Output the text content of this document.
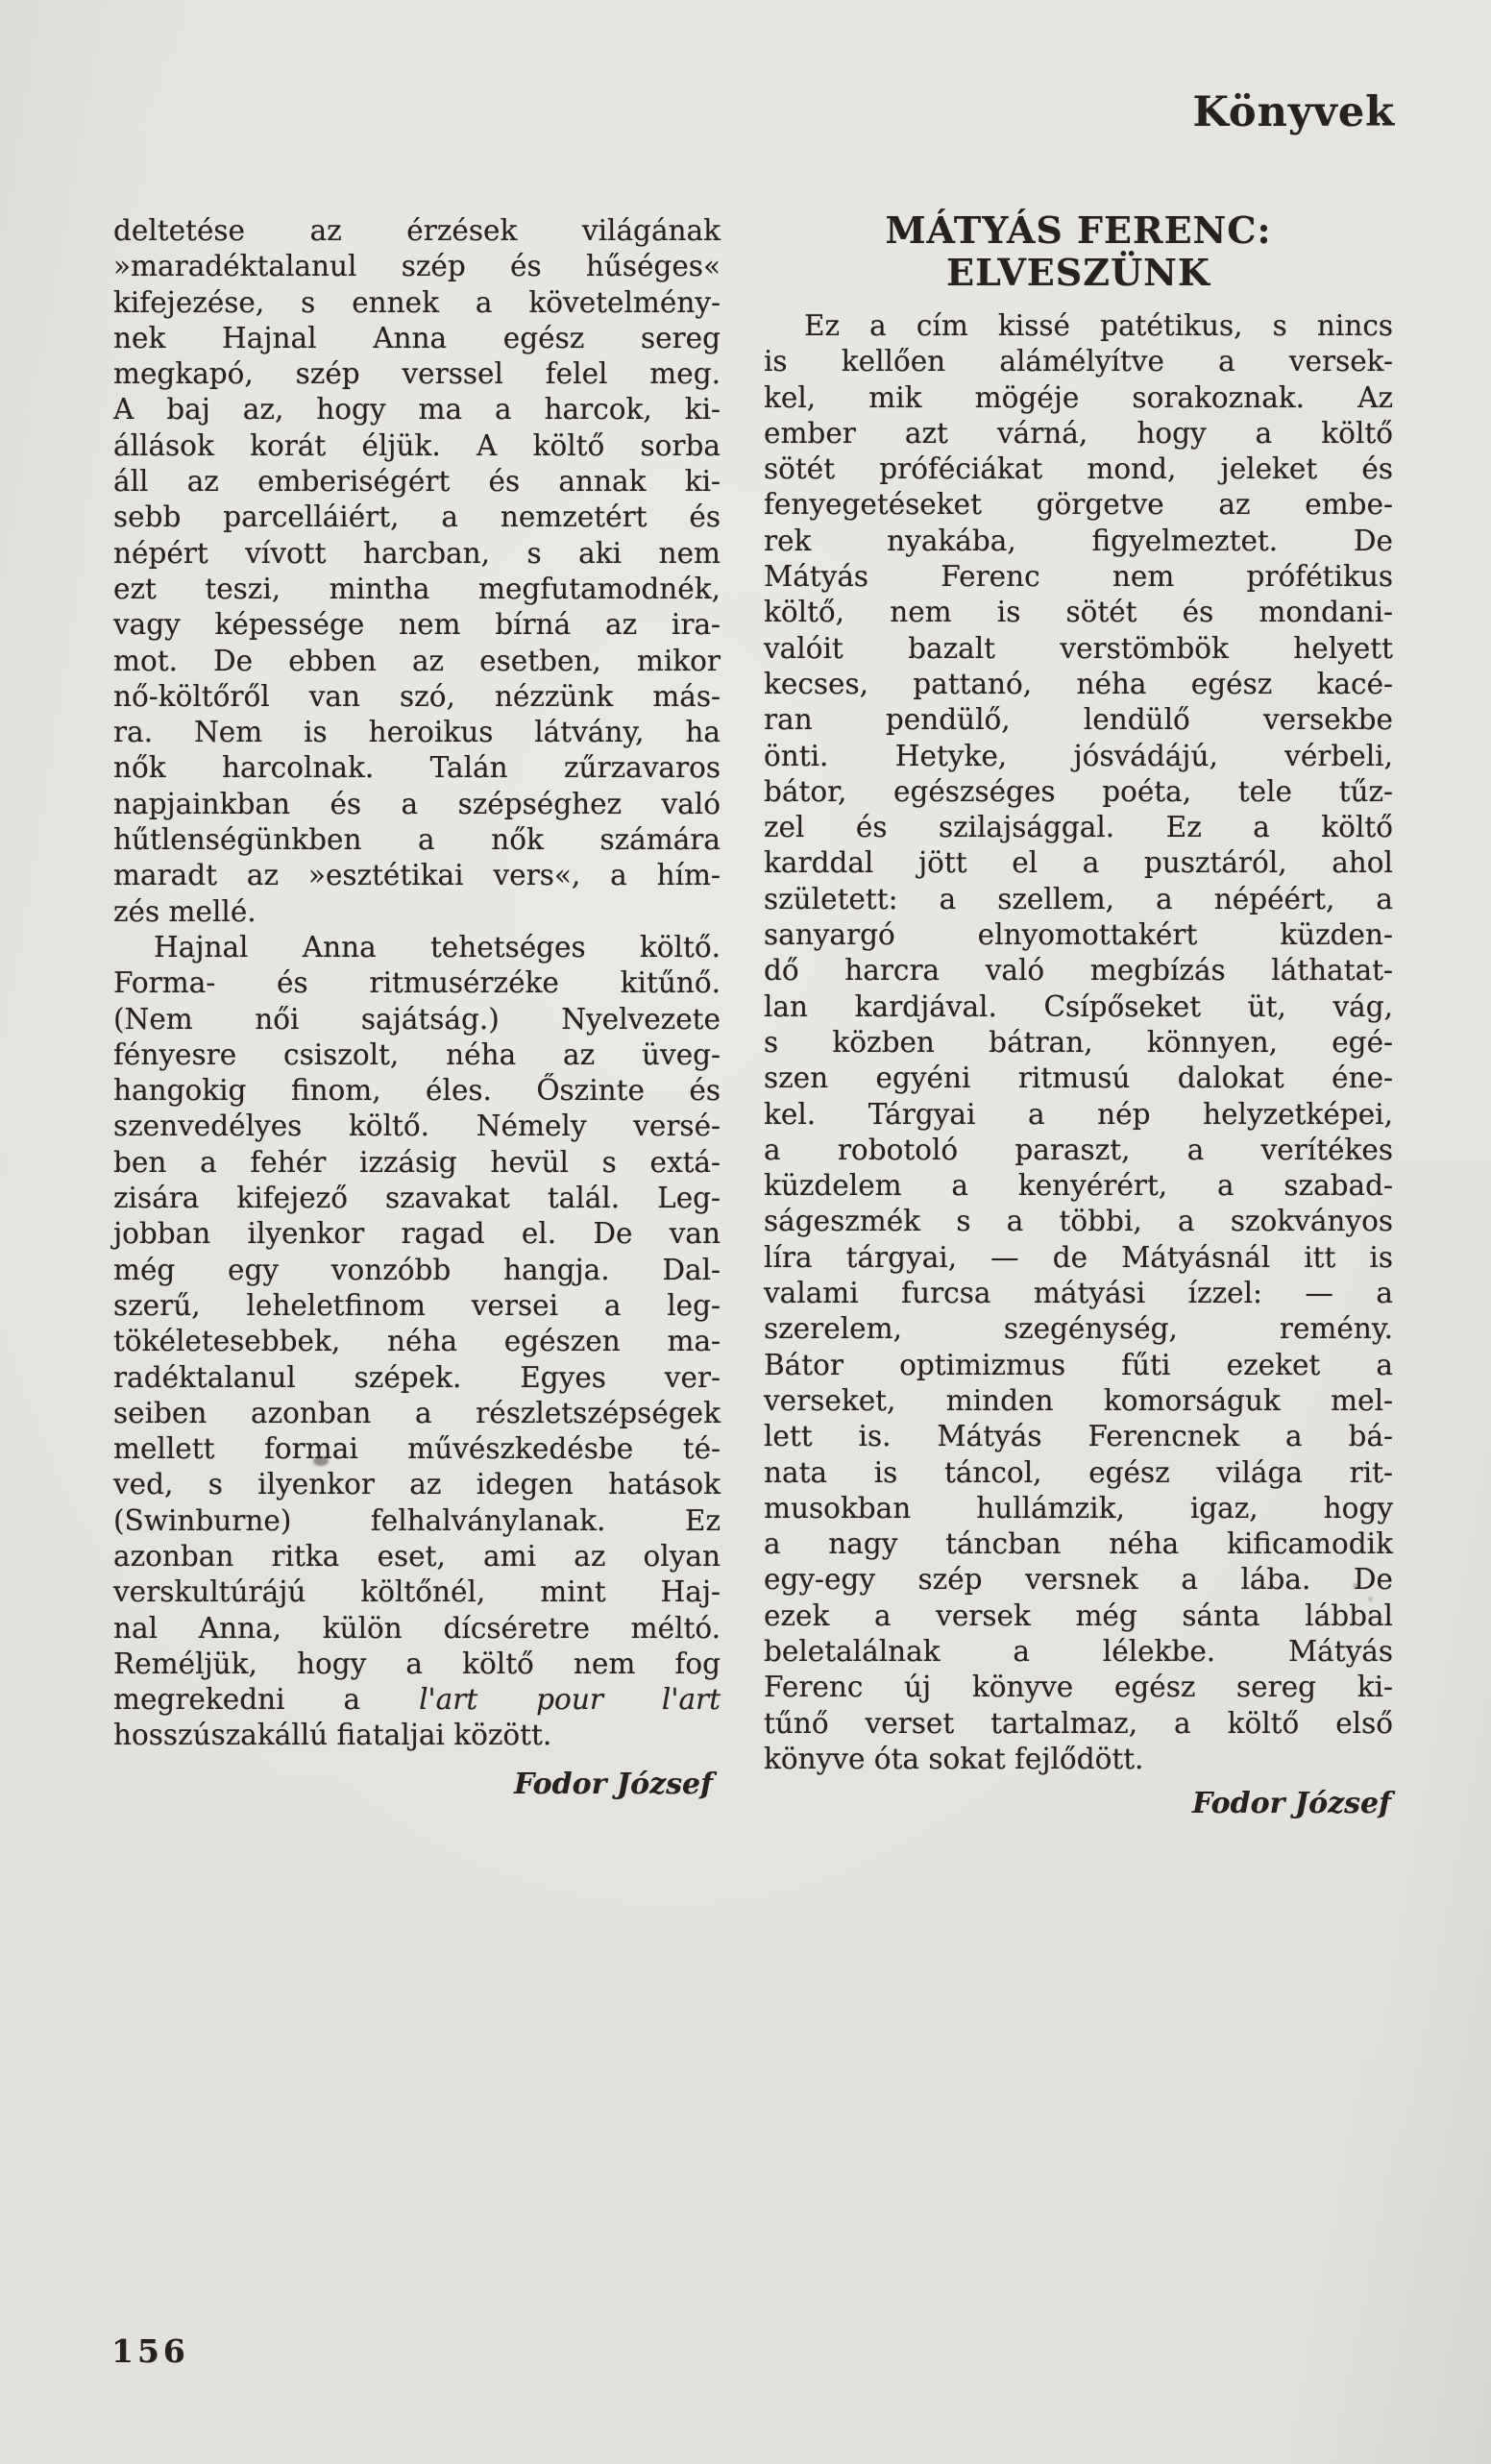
Könyvek
deltetése az érzések világának
»maradéktalanul szép és hűséges«
kifejezése, s ennek a követelmény-
nek Hajnal Anna egész sereg
megkapó, szép verssel felel meg.
A baj az, hogy ma a harcok, ki-
állások korát éljük. A költő sorba
áll az emberiségért és annak ki-
sebb parcelláiért, a nemzetért és
népért vívott harcban, s aki nem
ezt teszi, mintha megfutamodnék,
vagy képessége nem bírná az ira-
mot. De ebben az esetben, mikor
nő-költőről van szó, nézzünk más-
ra. Nem is heroikus látvány, ha
nők harcolnak. Talán zűrzavaros
napjainkban és a szépséghez való
hűtlenségünkben a nők számára
maradt az »esztétikai vers«, a hím-
zés mellé.
Hajnal Anna tehetséges költő.
Forma- és ritmusérzéke kitűnő.
(Nem női sajátság.) Nyelvezete
fényesre csiszolt, néha az üveg-
hangokig finom, éles. Őszinte és
szenvedélyes költő. Némely versé-
ben a fehér izzásig hevül s extá-
zisára kifejező szavakat talál. Leg-
jobban ilyenkor ragad el. De van
még egy vonzóbb hangja. Dal-
szerű, leheletfinom versei a leg-
tökéletesebbek, néha egészen ma-
radéktalanul szépek. Egyes ver-
seiben azonban a részletszépségek
mellett formai művészkedésbe té-
ved, s ilyenkor az idegen hatások
(Swinburne) felhalványlanak. Ez
azonban ritka eset, ami az olyan
verskultúrájú költőnél, mint Haj-
nal Anna, külön dícséretre méltó.
Reméljük, hogy a költő nem fog
megrekedni a l'art pour l'art
hosszúszakállú fiataljai között.
Fodor József
MÁTYÁS FERENC:
ELVESZÜNK
Ez a cím kissé patétikus, s nincs
is kellően alámélyítve a versek-
kel, mik mögéje sorakoznak. Az
ember azt várná, hogy a költő
sötét próféciákat mond, jeleket és
fenyegetéseket görgetve az embe-
rek nyakába, figyelmeztet. De
Mátyás Ferenc nem prófétikus
költő, nem is sötét és mondani-
valóit bazalt verstömbök helyett
kecses, pattanó, néha egész kacé-
ran pendülő, lendülő versekbe
önti. Hetyke, jósvádájú, vérbeli,
bátor, egészséges poéta, tele tűz-
zel és szilajsággal. Ez a költő
karddal jött el a pusztáról, ahol
született: a szellem, a népéért, a
sanyargó elnyomottakért küzden-
dő harcra való megbízás láthatat-
lan kardjával. Csípőseket üt, vág,
s közben bátran, könnyen, egé-
szen egyéni ritmusú dalokat éne-
kel. Tárgyai a nép helyzetképei,
a robotoló paraszt, a verítékes
küzdelem a kenyérért, a szabad-
ságeszmék s a többi, a szokványos
líra tárgyai, — de Mátyásnál itt is
valami furcsa mátyási ízzel: — a
szerelem, szegénység, remény.
Bátor optimizmus fűti ezeket a
verseket, minden komorságuk mel-
lett is. Mátyás Ferencnek a bá-
nata is táncol, egész világa rit-
musokban hullámzik, igaz, hogy
a nagy táncban néha kificamodik
egy-egy szép versnek a lába. De
ezek a versek még sánta lábbal
beletalálnak a lélekbe. Mátyás
Ferenc új könyve egész sereg ki-
tűnő verset tartalmaz, a költő első
könyve óta sokat fejlődött.
Fodor József
156
